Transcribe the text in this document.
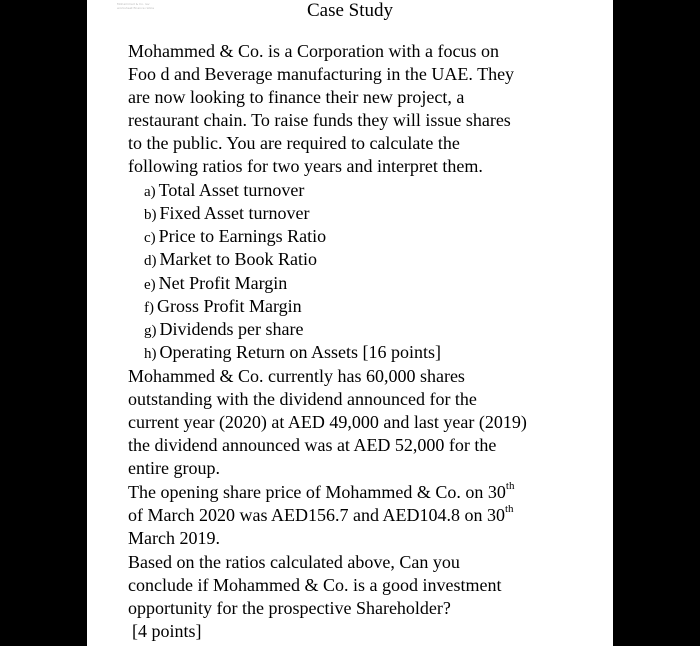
Mohammed & Co. rev
worksheet finance ratios	Case Study
Mohammed & Co. is a Corporation with a focus on
Foo d and Beverage manufacturing in the UAE. They
are now looking to finance their new project, a
restaurant chain. To raise funds they will issue shares
to the public. You are required to calculate the
following ratios for two years and interpret them.
a) Total Asset turnover
b) Fixed Asset turnover
c) Price to Earnings Ratio
d) Market to Book Ratio
e) Net Profit Margin
f) Gross Profit Margin
g) Dividends per share
h) Operating Return on Assets [16 points]
Mohammed & Co. currently has 60,000 shares
outstanding with the dividend announced for the
current year (2020) at AED 49,000 and last year (2019)
the dividend announced was at AED 52,000 for the
entire group.
The opening share price of Mohammed & Co. on 30th
of March 2020 was AED156.7 and AED104.8 on 30th
March 2019.
Based on the ratios calculated above, Can you
conclude if Mohammed & Co. is a good investment
opportunity for the prospective Shareholder?
[4 points]
